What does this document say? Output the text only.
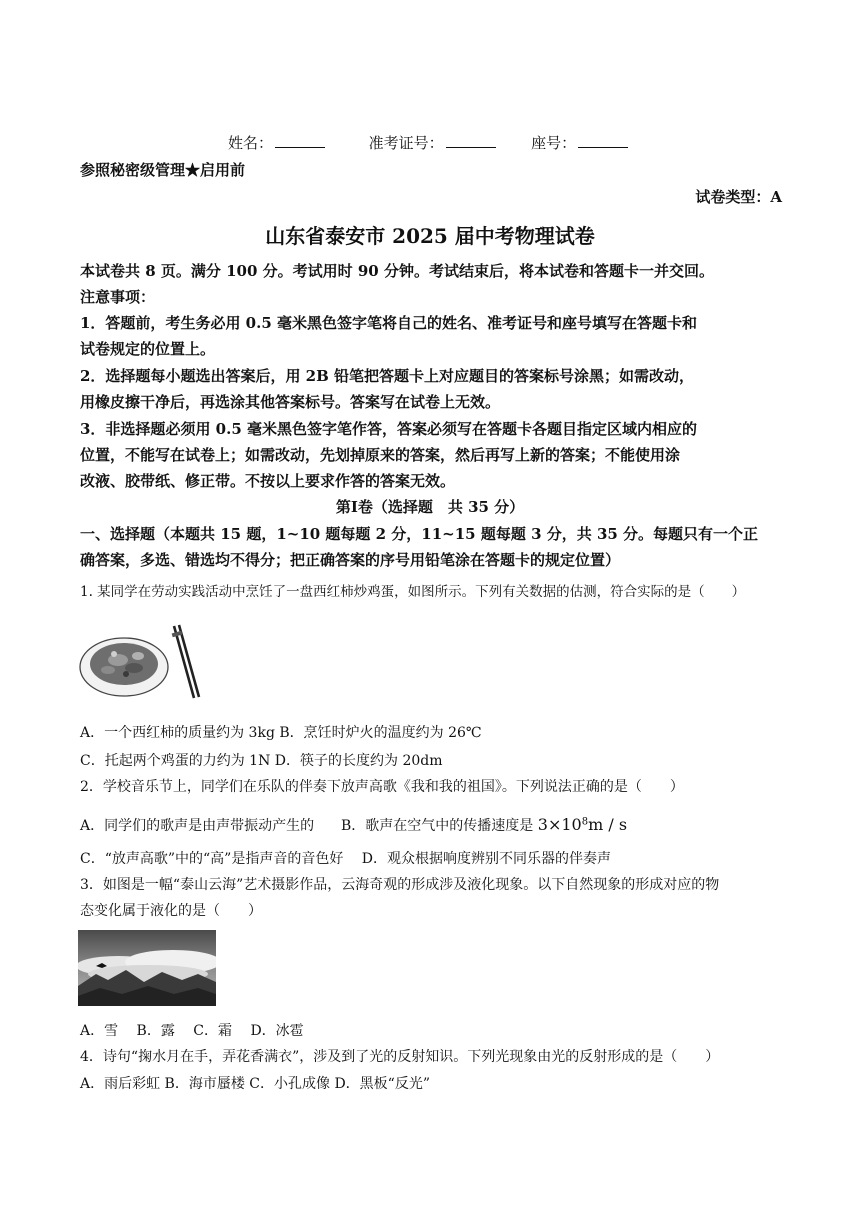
姓名：	准考证号：	座号：
参照秘密级管理★启用前
试卷类型：A
山东省泰安市 2025 届中考物理试卷
本试卷共 8 页。满分 100 分。考试用时 90 分钟。考试结束后，将本试卷和答题卡一并交回。
注意事项：
1．答题前，考生务必用 0.5 毫米黑色签字笔将自己的姓名、准考证号和座号填写在答题卡和
试卷规定的位置上。
2．选择题每小题选出答案后，用 2B 铅笔把答题卡上对应题目的答案标号涂黑；如需改动，
用橡皮擦干净后，再选涂其他答案标号。答案写在试卷上无效。
3．非选择题必须用 0.5 毫米黑色签字笔作答，答案必须写在答题卡各题目指定区域内相应的
位置，不能写在试卷上；如需改动，先划掉原来的答案，然后再写上新的答案；不能使用涂
改液、胶带纸、修正带。不按以上要求作答的答案无效。
第Ⅰ卷（选择题　共 35 分）
一、选择题（本题共 15 题，1~10 题每题 2 分，11~15 题每题 3 分，共 35 分。每题只有一个正
确答案，多选、错选均不得分；把正确答案的序号用铅笔涂在答题卡的规定位置）
1. 某同学在劳动实践活动中烹饪了一盘西红柿炒鸡蛋，如图所示。下列有关数据的估测，符合实际的是（　　）
A．一个西红柿的质量约为 3kg B．烹饪时炉火的温度约为 26℃
C．托起两个鸡蛋的力约为 1N D．筷子的长度约为 20dm
2．学校音乐节上，同学们在乐队的伴奏下放声高歌《我和我的祖国》。下列说法正确的是（　　）
A．同学们的歌声是由声带振动产生的 B．歌声在空气中的传播速度是 $3\times 10^8m / s$
C．“放声高歌”中的“高”是指声音的音色好　 D．观众根据响度辨别不同乐器的伴奏声
3．如图是一幅“泰山云海”艺术摄影作品，云海奇观的形成涉及液化现象。以下自然现象的形成对应的物
态变化属于液化的是（　　）
A．雪　 B．露　 C．霜　 D．冰雹
4．诗句“掬水月在手，弄花香满衣”，涉及到了光的反射知识。下列光现象由光的反射形成的是（　　）
A．雨后彩虹 B．海市蜃楼 C．小孔成像 D．黑板“反光”
